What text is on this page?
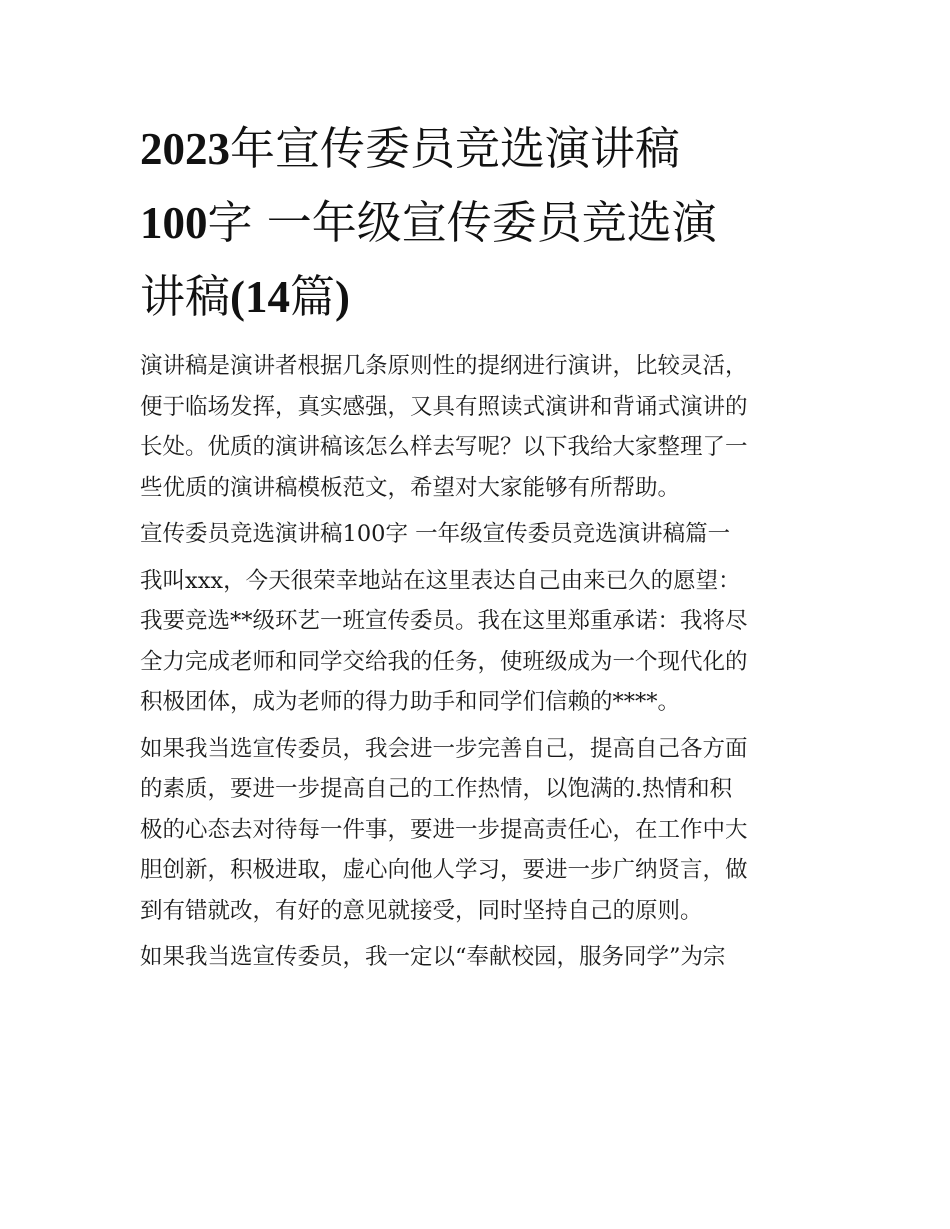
2023年宣传委员竞选演讲稿
100字 一年级宣传委员竞选演
讲稿(14篇)

演讲稿是演讲者根据几条原则性的提纲进行演讲，比较灵活，
便于临场发挥，真实感强，又具有照读式演讲和背诵式演讲的
长处。优质的演讲稿该怎么样去写呢？以下我给大家整理了一
些优质的演讲稿模板范文，希望对大家能够有所帮助。

宣传委员竞选演讲稿100字 一年级宣传委员竞选演讲稿篇一

我叫xxx，今天很荣幸地站在这里表达自己由来已久的愿望：
我要竞选**级环艺一班宣传委员。我在这里郑重承诺：我将尽
全力完成老师和同学交给我的任务，使班级成为一个现代化的
积极团体，成为老师的得力助手和同学们信赖的****。

如果我当选宣传委员，我会进一步完善自己，提高自己各方面
的素质，要进一步提高自己的工作热情，以饱满的.热情和积
极的心态去对待每一件事，要进一步提高责任心，在工作中大
胆创新，积极进取，虚心向他人学习，要进一步广纳贤言，做
到有错就改，有好的意见就接受，同时坚持自己的原则。

如果我当选宣传委员，我一定以“奉献校园，服务同学”为宗
